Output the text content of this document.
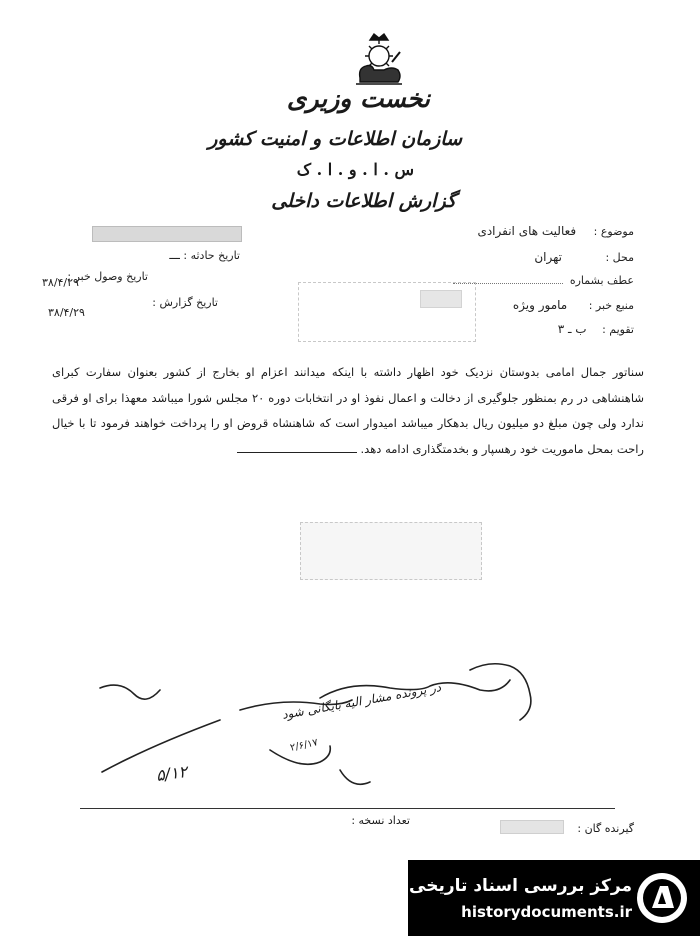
نخست وزیری
سازمان اطلاعات و امنیت کشور
س . ا . و . ا . ک
گزارش اطلاعات داخلی
تاریخ حادثه : ـــ
تاریخ وصول خبر :
۳۸/۴/۲۹
تاریخ گزارش :
۳۸/۴/۲۹
موضوع : فعالیت های انفرادی
محل : تهران
عطف بشماره
منبع خبر : مامور ویژه
تقویم : ب ـ ۳
سناتور جمال امامی بدوستان نزدیک خود اظهار داشته با اینکه میدانند اعزام او بخارج از کشور بعنوان سفارت کبرای شاهنشاهی در رم بمنظور جلوگیری از دخالت و اعمال نفوذ او در انتخابات دوره ۲۰ مجلس شورا میباشد معهذا برای او فرقی ندارد ولی چون مبلغ دو میلیون ریال بدهکار میباشد امیدوار است که شاهنشاه قروض او را پرداخت خواهند فرمود تا با خیال راحت بمحل ماموریت خود رهسپار و بخدمتگذاری ادامه دهد.
در پرونده مشار الیه بایگانی شود
۲/۶/۱۷
۵/۱۲
تعداد نسخه :
گیرنده گان :
مرکز بررسی اسناد تاریخی
historydocuments.ir
